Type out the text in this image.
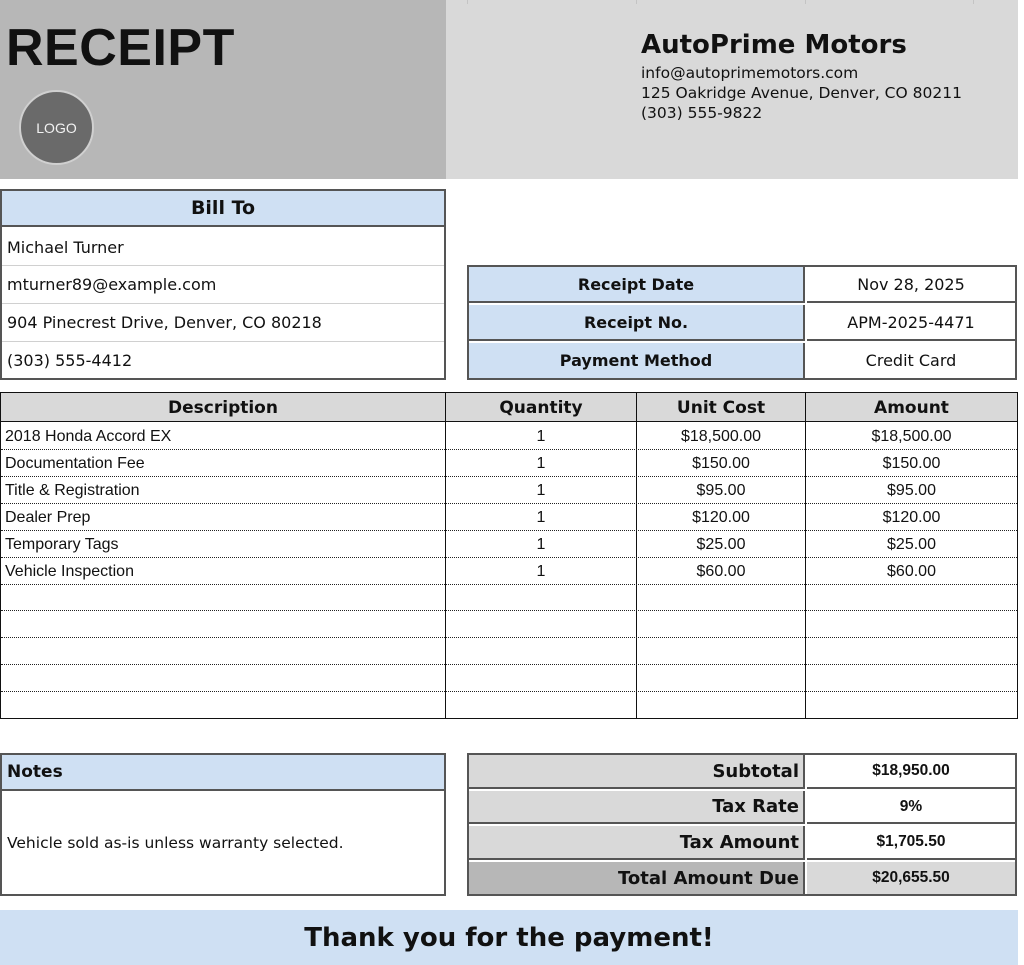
RECEIPT
LOGO
AutoPrime Motors
info@autoprimemotors.com
125 Oakridge Avenue, Denver, CO 80211
(303) 555-9822
Bill To
Michael Turner
mturner89@example.com
904 Pinecrest Drive, Denver, CO 80218
(303) 555-4412
Receipt Date	Nov 28, 2025
Receipt No.	APM-2025-4471
Payment Method	Credit Card
Description	Quantity	Unit Cost	Amount
2018 Honda Accord EX	1	$18,500.00	$18,500.00
Documentation Fee	1	$150.00	$150.00
Title & Registration	1	$95.00	$95.00
Dealer Prep	1	$120.00	$120.00
Temporary Tags	1	$25.00	$25.00
Vehicle Inspection	1	$60.00	$60.00
Notes
Vehicle sold as-is unless warranty selected.
Subtotal	$18,950.00
Tax Rate	9%
Tax Amount	$1,705.50
Total Amount Due	$20,655.50
Thank you for the payment!
